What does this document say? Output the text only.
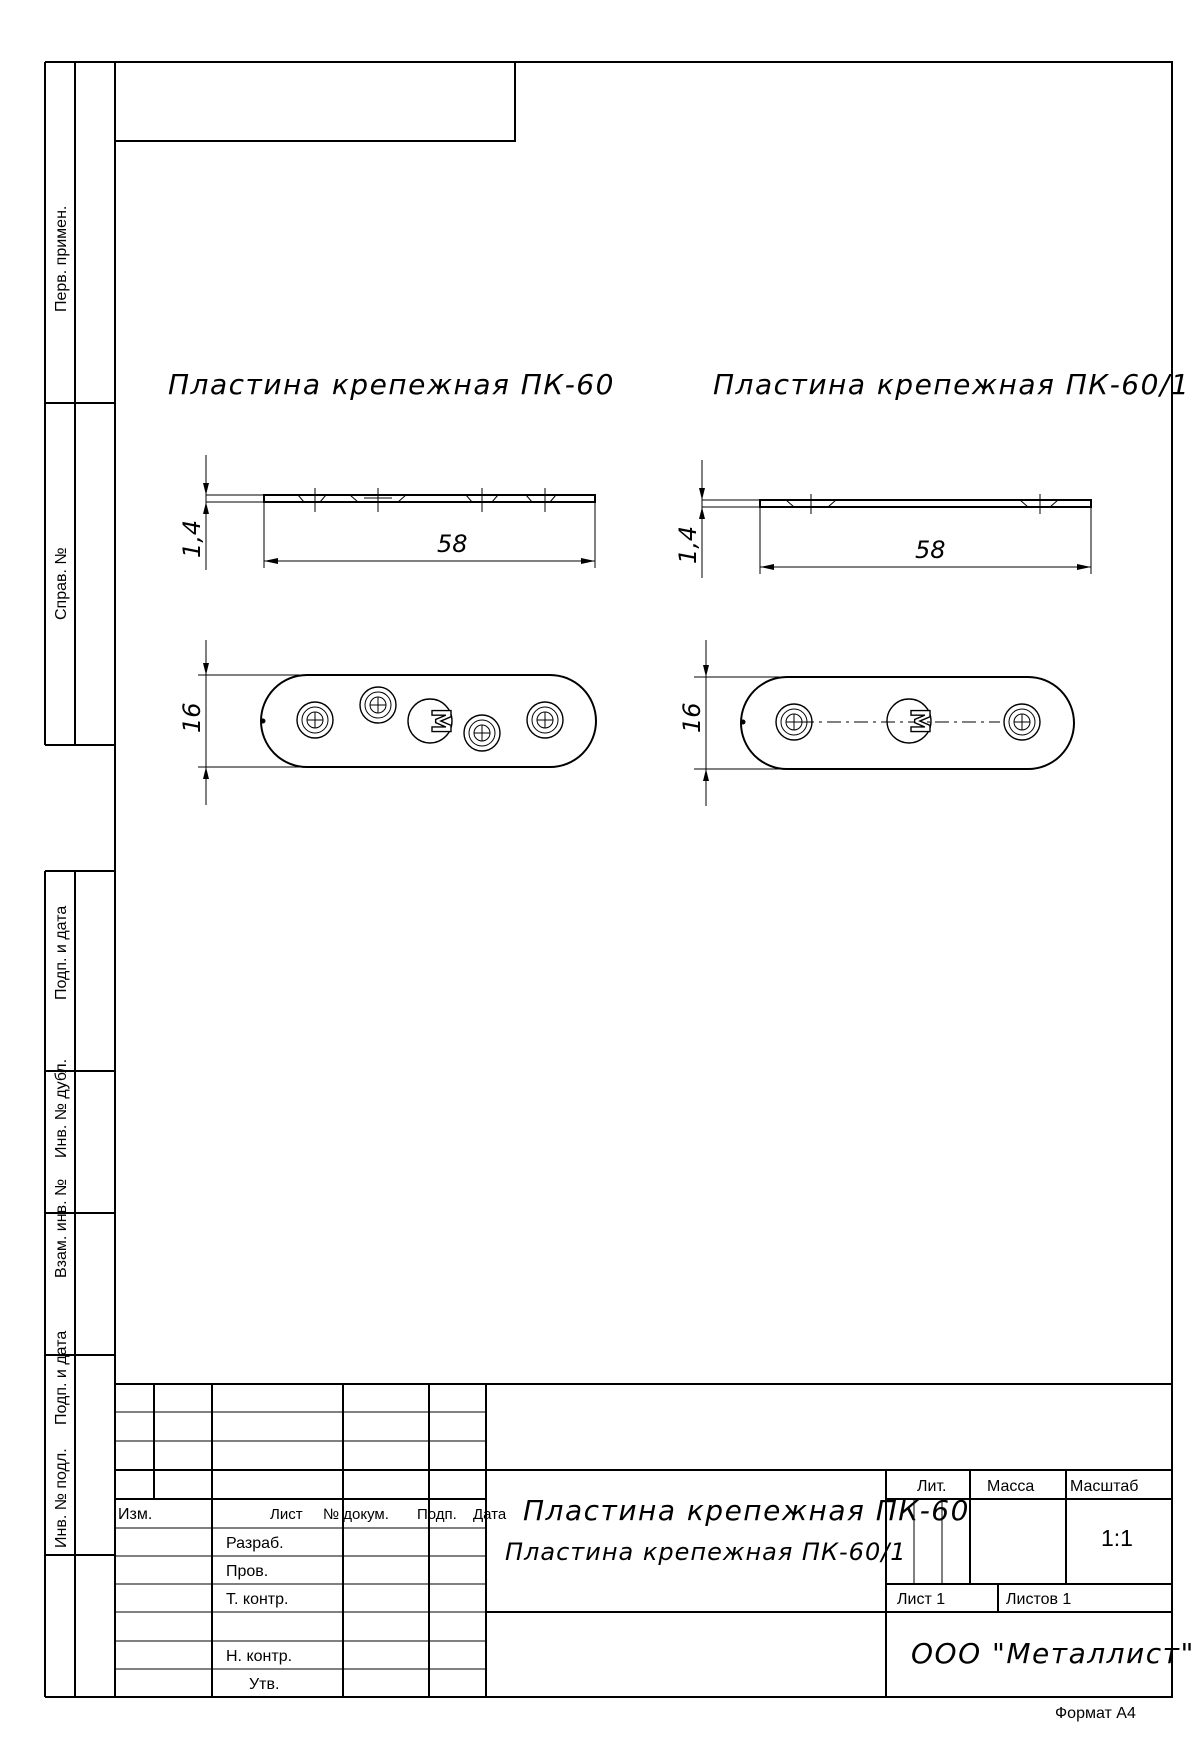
Перв. примен.
Справ. №
Подп. и дата
Инв. № дубл.
Взам. инв. №
Подп. и дата
Инв. № подл.
Пластина крепежная ПК-60	Пластина крепежная ПК-60/1
1,4	58
16	M
1,4	58
16	M
Изм.	Лист № докум. Подп. Дата
Разраб.
Пров.
Т. контр.
Н. контр.
Утв.
Пластина крепежная ПК-60
Пластина крепежная ПК-60/1
Лит.	Масса Масштаб
1:1
Лист 1	Листов 1
ООО "Металлист"
Формат А4
